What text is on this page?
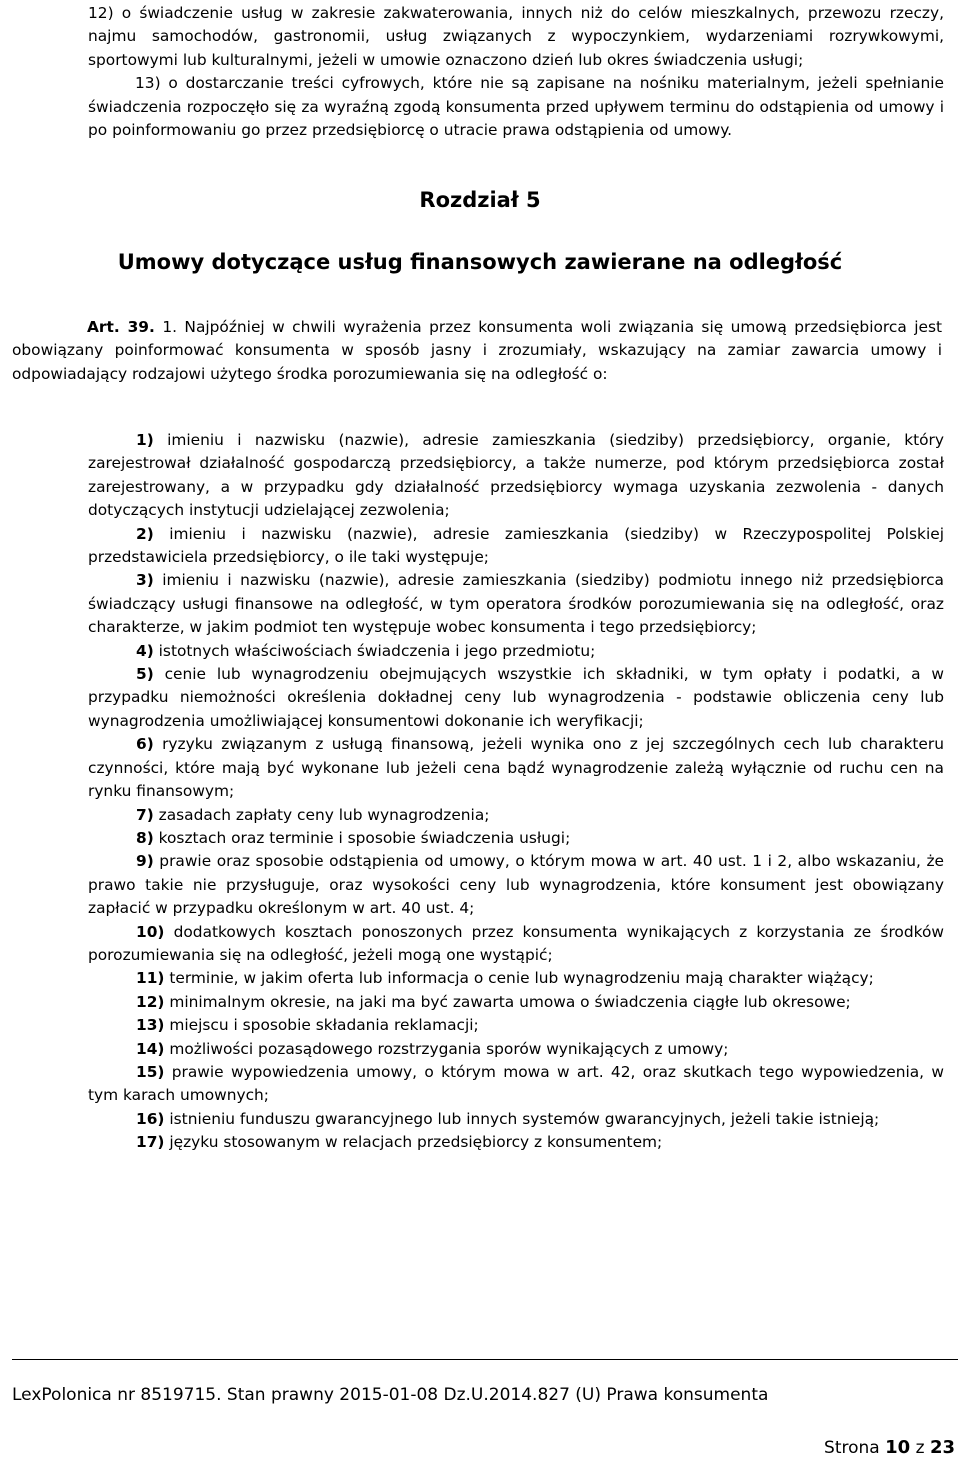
12) o świadczenie usług w zakresie zakwaterowania, innych niż do celów mieszkalnych, przewozu rzeczy, najmu samochodów, gastronomii, usług związanych z wypoczynkiem, wydarzeniami rozrywkowymi, sportowymi lub kulturalnymi, jeżeli w umowie oznaczono dzień lub okres świadczenia usługi;

13) o dostarczanie treści cyfrowych, które nie są zapisane na nośniku materialnym, jeżeli spełnianie świadczenia rozpoczęło się za wyraźną zgodą konsumenta przed upływem terminu do odstąpienia od umowy i po poinformowaniu go przez przedsiębiorcę o utracie prawa odstąpienia od umowy.

Rozdział 5
Umowy dotyczące usług finansowych zawierane na odległość

Art. 39. 1. Najpóźniej w chwili wyrażenia przez konsumenta woli związania się umową przedsiębiorca jest obowiązany poinformować konsumenta w sposób jasny i zrozumiały, wskazujący na zamiar zawarcia umowy i odpowiadający rodzajowi użytego środka porozumiewania się na odległość o:

1) imieniu i nazwisku (nazwie), adresie zamieszkania (siedziby) przedsiębiorcy, organie, który zarejestrował działalność gospodarczą przedsiębiorcy, a także numerze, pod którym przedsiębiorca został zarejestrowany, a w przypadku gdy działalność przedsiębiorcy wymaga uzyskania zezwolenia - danych dotyczących instytucji udzielającej zezwolenia;

2) imieniu i nazwisku (nazwie), adresie zamieszkania (siedziby) w Rzeczypospolitej Polskiej przedstawiciela przedsiębiorcy, o ile taki występuje;

3) imieniu i nazwisku (nazwie), adresie zamieszkania (siedziby) podmiotu innego niż przedsiębiorca świadczący usługi finansowe na odległość, w tym operatora środków porozumiewania się na odległość, oraz charakterze, w jakim podmiot ten występuje wobec konsumenta i tego przedsiębiorcy;

4) istotnych właściwościach świadczenia i jego przedmiotu;

5) cenie lub wynagrodzeniu obejmujących wszystkie ich składniki, w tym opłaty i podatki, a w przypadku niemożności określenia dokładnej ceny lub wynagrodzenia - podstawie obliczenia ceny lub wynagrodzenia umożliwiającej konsumentowi dokonanie ich weryfikacji;

6) ryzyku związanym z usługą finansową, jeżeli wynika ono z jej szczególnych cech lub charakteru czynności, które mają być wykonane lub jeżeli cena bądź wynagrodzenie zależą wyłącznie od ruchu cen na rynku finansowym;

7) zasadach zapłaty ceny lub wynagrodzenia;

8) kosztach oraz terminie i sposobie świadczenia usługi;

9) prawie oraz sposobie odstąpienia od umowy, o którym mowa w art. 40 ust. 1 i 2, albo wskazaniu, że prawo takie nie przysługuje, oraz wysokości ceny lub wynagrodzenia, które konsument jest obowiązany zapłacić w przypadku określonym w art. 40 ust. 4;

10) dodatkowych kosztach ponoszonych przez konsumenta wynikających z korzystania ze środków porozumiewania się na odległość, jeżeli mogą one wystąpić;

11) terminie, w jakim oferta lub informacja o cenie lub wynagrodzeniu mają charakter wiążący;

12) minimalnym okresie, na jaki ma być zawarta umowa o świadczenia ciągłe lub okresowe;

13) miejscu i sposobie składania reklamacji;

14) możliwości pozasądowego rozstrzygania sporów wynikających z umowy;

15) prawie wypowiedzenia umowy, o którym mowa w art. 42, oraz skutkach tego wypowiedzenia, w tym karach umownych;

16) istnieniu funduszu gwarancyjnego lub innych systemów gwarancyjnych, jeżeli takie istnieją;

17) języku stosowanym w relacjach przedsiębiorcy z konsumentem;

LexPolonica nr 8519715. Stan prawny 2015-01-08 Dz.U.2014.827 (U) Prawa konsumenta
Strona 10 z 23
